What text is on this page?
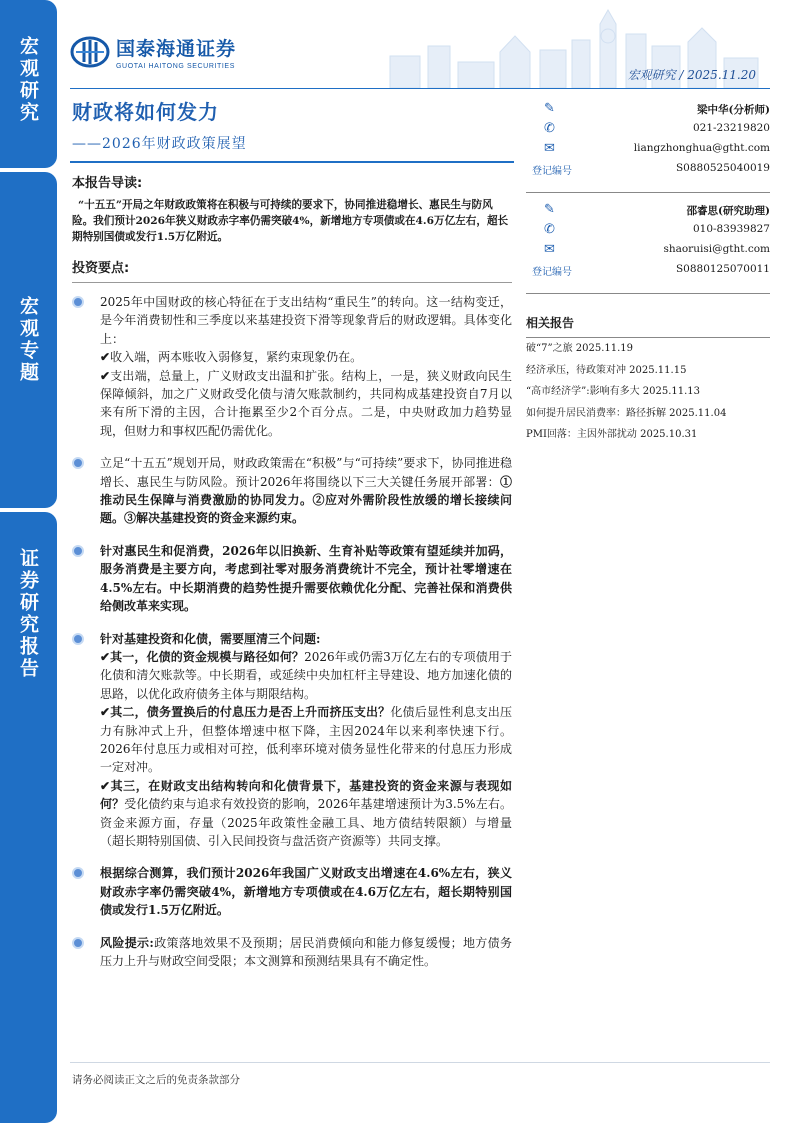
宏观研究
宏观专题
证券研究报告
国泰海通证券
GUOTAI HAITONG SECURITIES
宏观研究 / 2025.11.20
财政将如何发力
——2026年财政政策展望
本报告导读:
“十五五”开局之年财政政策将在积极与可持续的要求下，协同推进稳增长、惠民生与防风险。我们预计2026年狭义财政赤字率仍需突破4%，新增地方专项债或在4.6万亿左右，超长期特别国债或发行1.5万亿附近。
投资要点:
2025年中国财政的核心特征在于支出结构“重民生”的转向。这一结构变迁，是今年消费韧性和三季度以来基建投资下滑等现象背后的财政逻辑。具体变化上：
✔收入端，两本账收入弱修复，紧约束现象仍在。
✔支出端，总量上，广义财政支出温和扩张。结构上，一是，狭义财政向民生保障倾斜，加之广义财政受化债与清欠账款制约，共同构成基建投资自7月以来有所下滑的主因，合计拖累至少2个百分点。二是，中央财政加力趋势显现，但财力和事权匹配仍需优化。
立足“十五五”规划开局，财政政策需在“积极”与“可持续”要求下，协同推进稳增长、惠民生与防风险。预计2026年将围绕以下三大关键任务展开部署：①推动民生保障与消费激励的协同发力。②应对外需阶段性放缓的增长接续问题。③解决基建投资的资金来源约束。
针对惠民生和促消费，2026年以旧换新、生育补贴等政策有望延续并加码，服务消费是主要方向，考虑到社零对服务消费统计不完全，预计社零增速在4.5%左右。中长期消费的趋势性提升需要依赖优化分配、完善社保和消费供给侧改革来实现。
针对基建投资和化债，需要厘清三个问题:
✔其一，化债的资金规模与路径如何？2026年或仍需3万亿左右的专项债用于化债和清欠账款等。中长期看，或延续中央加杠杆主导建设、地方加速化债的思路，以优化政府债务主体与期限结构。
✔其二，债务置换后的付息压力是否上升而挤压支出？化债后显性利息支出压力有脉冲式上升，但整体增速中枢下降，主因2024年以来利率快速下行。2026年付息压力或相对可控，低利率环境对债务显性化带来的付息压力形成一定对冲。
✔其三，在财政支出结构转向和化债背景下，基建投资的资金来源与表现如何？受化债约束与追求有效投资的影响，2026年基建增速预计为3.5%左右。资金来源方面，存量（2025年政策性金融工具、地方债结转限额）与增量（超长期特别国债、引入民间投资与盘活资产资源等）共同支撑。
根据综合测算，我们预计2026年我国广义财政支出增速在4.6%左右，狭义财政赤字率仍需突破4%，新增地方专项债或在4.6万亿左右，超长期特别国债或发行1.5万亿附近。
风险提示:政策落地效果不及预期；居民消费倾向和能力修复缓慢；地方债务压力上升与财政空间受限；本文测算和预测结果具有不确定性。
✎	梁中华(分析师)
✆	021-23219820
✉	liangzhonghua@gtht.com
登记编号	S0880525040019
✎	邵睿思(研究助理)
✆	010-83939827
✉	shaoruisi@gtht.com
登记编号	S0880125070011
相关报告
破“7”之旅 2025.11.19
经济承压，待政策对冲 2025.11.15
“高市经济学”:影响有多大 2025.11.13
如何提升居民消费率：路径拆解 2025.11.04
PMI回落：主因外部扰动 2025.10.31
请务必阅读正文之后的免责条款部分
